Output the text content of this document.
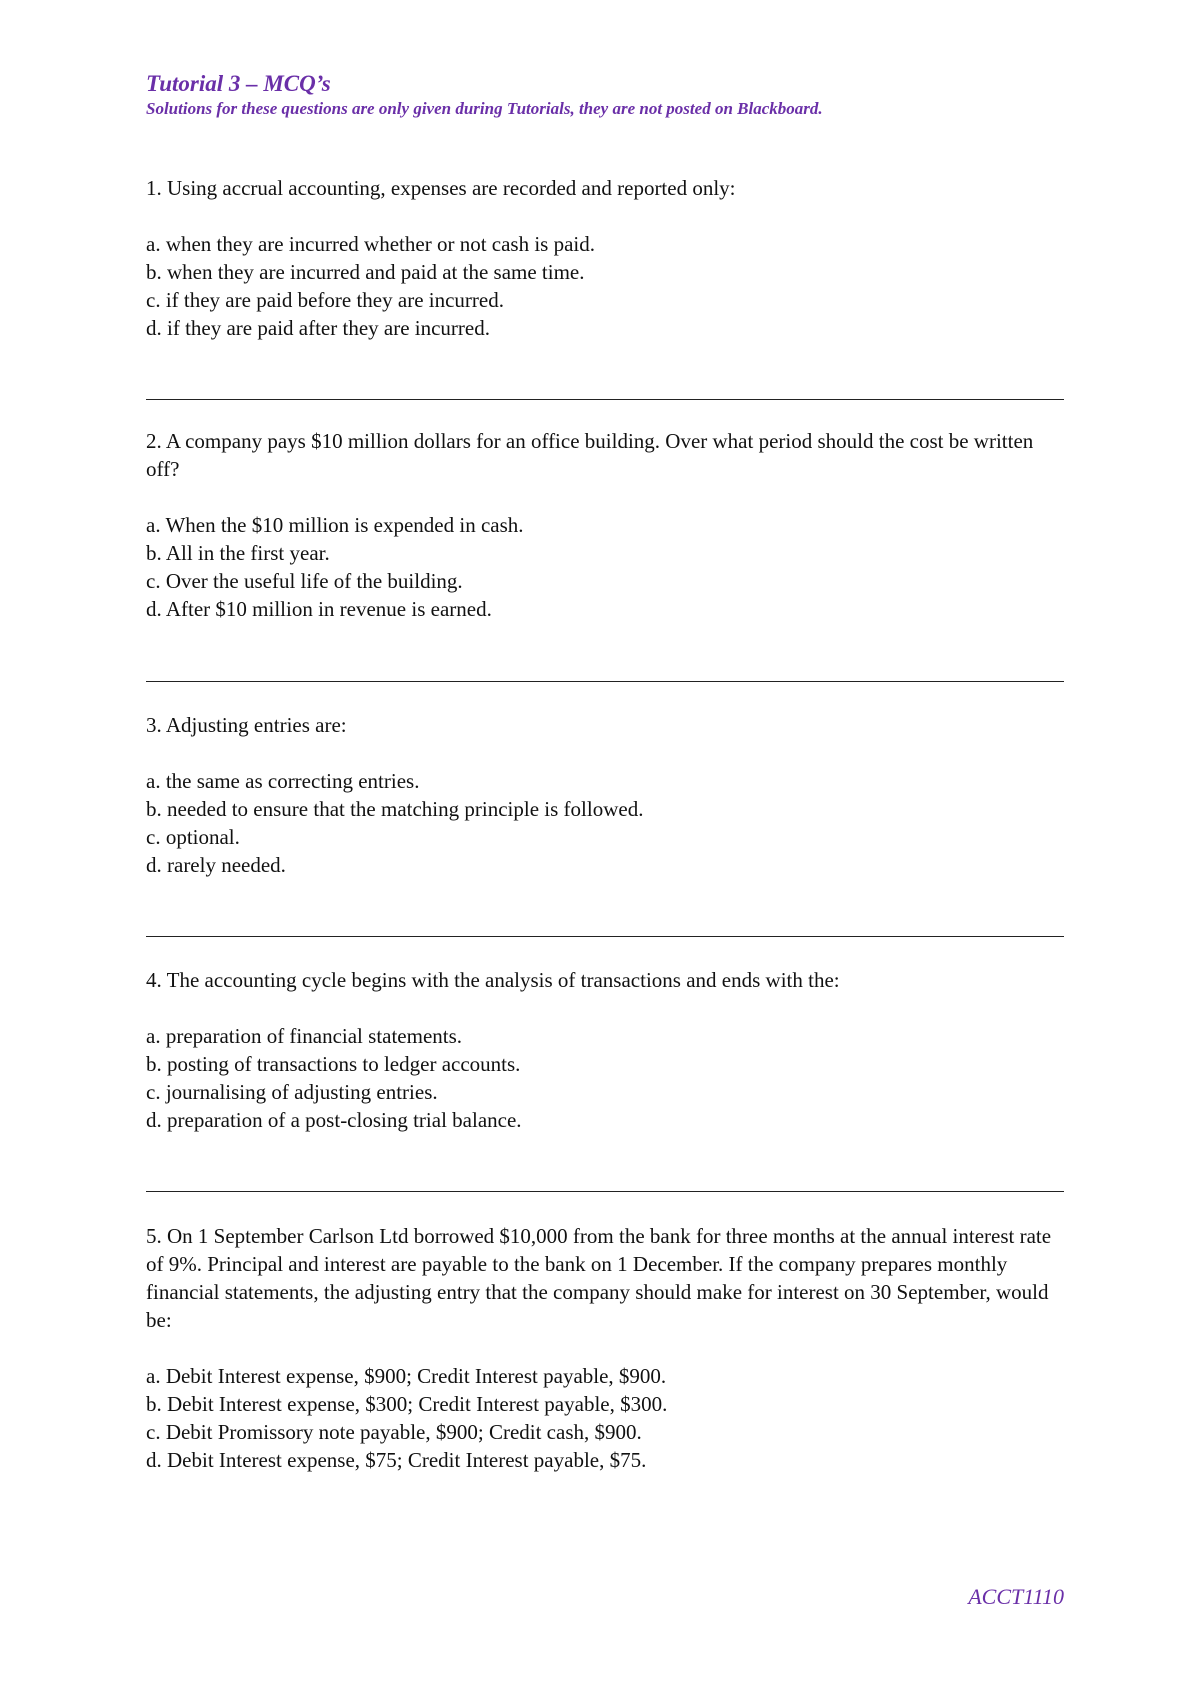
Tutorial 3 – MCQ’s

Solutions for these questions are only given during Tutorials, they are not posted on Blackboard.

1. Using accrual accounting, expenses are recorded and reported only:

a. when they are incurred whether or not cash is paid.
b. when they are incurred and paid at the same time.
c. if they are paid before they are incurred.
d. if they are paid after they are incurred.

2. A company pays $10 million dollars for an office building. Over what period should the cost be written off?

a. When the $10 million is expended in cash.
b. All in the first year.
c. Over the useful life of the building.
d. After $10 million in revenue is earned.

3. Adjusting entries are:

a. the same as correcting entries.
b. needed to ensure that the matching principle is followed.
c. optional.
d. rarely needed.

4. The accounting cycle begins with the analysis of transactions and ends with the:

a. preparation of financial statements.
b. posting of transactions to ledger accounts.
c. journalising of adjusting entries.
d. preparation of a post-closing trial balance.

5. On 1 September Carlson Ltd borrowed $10,000 from the bank for three months at the annual interest rate of 9%. Principal and interest are payable to the bank on 1 December. If the company prepares monthly financial statements, the adjusting entry that the company should make for interest on 30 September, would be:

a. Debit Interest expense, $900; Credit Interest payable, $900.
b. Debit Interest expense, $300; Credit Interest payable, $300.
c. Debit Promissory note payable, $900; Credit cash, $900.
d. Debit Interest expense, $75; Credit Interest payable, $75.
ACCT1110
